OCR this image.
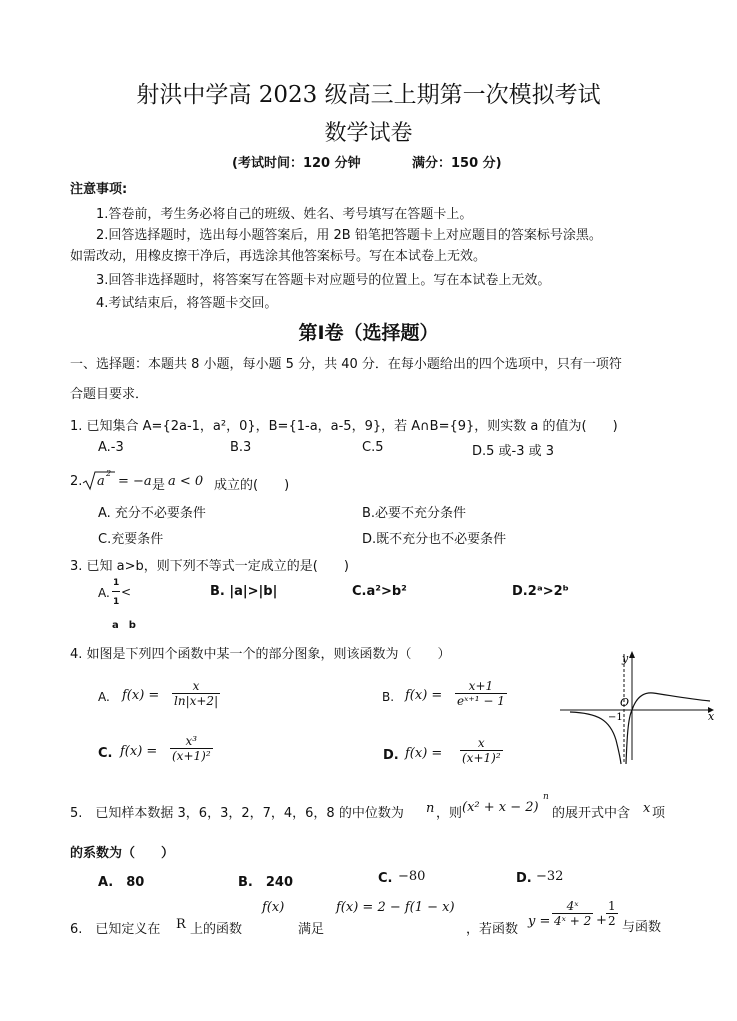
射洪中学高 2023 级高三上期第一次模拟考试
数学试卷
(考试时间：120 分钟	满分：150 分)
注意事项:
1.答卷前，考生务必将自己的班级、姓名、考号填写在答题卡上。
2.回答选择题时，选出每小题答案后，用 2B 铅笔把答题卡上对应题目的答案标号涂黑。
如需改动，用橡皮擦干净后，再选涂其他答案标号。写在本试卷上无效。
3.回答非选择题时，将答案写在答题卡对应题号的位置上。写在本试卷上无效。
4.考试结束后，将答题卡交回。
第I卷（选择题）
一、选择题：本题共 8 小题，每小题 5 分，共 40 分．在每小题给出的四个选项中，只有一项符
合题目要求．
1. 已知集合 A={2a-1，a²，0}，B={1-a，a-5，9}，若 A∩B={9}，则实数 a 的值为(　　)
A.-3	B.3	C.5	D.5 或-3 或 3
2. a
2
= −a 是 a < 0 成立的(　　)
A. 充分不必要条件	B.必要不充分条件
C.充要条件	D.既不充分也不必要条件
3. 已知 a>b，则下列不等式一定成立的是(　　)
A.
1
1
<
a　b
B. |a|>|b|	C.a²>b²	D.2ᵃ>2ᵇ
4. 如图是下列四个函数中某一个的部分图象，则该函数为（　　）
A. $f(x) = \frac{x}{\ln|x+2|}$	B. $f(x) = \frac{x+1}{\text{eˣ⁺¹ − 1}}$
C. $f(x) = \frac{\text{x³}}{\text{(x+1)²}}$	D. $f(x) = \frac{x}{\text{(x+1)²}}$
y
x
O
−1
5.　已知样本数据 3，6，3，2，7，4，6，8 的中位数为 n ，则 (x² + x − 2)
n
的展开式中含 x 项
的系数为（　　）
A.　80	B.　240	C. −80	D. −32
6.　已知定义在 R 上的函数
f(x)
满足
f(x) = 2 − f(1 − x)
，若函数
$y = \frac{\text{4ˣ}}{\text{4ˣ + 2}} + \frac{1}{2}$ 与函数
